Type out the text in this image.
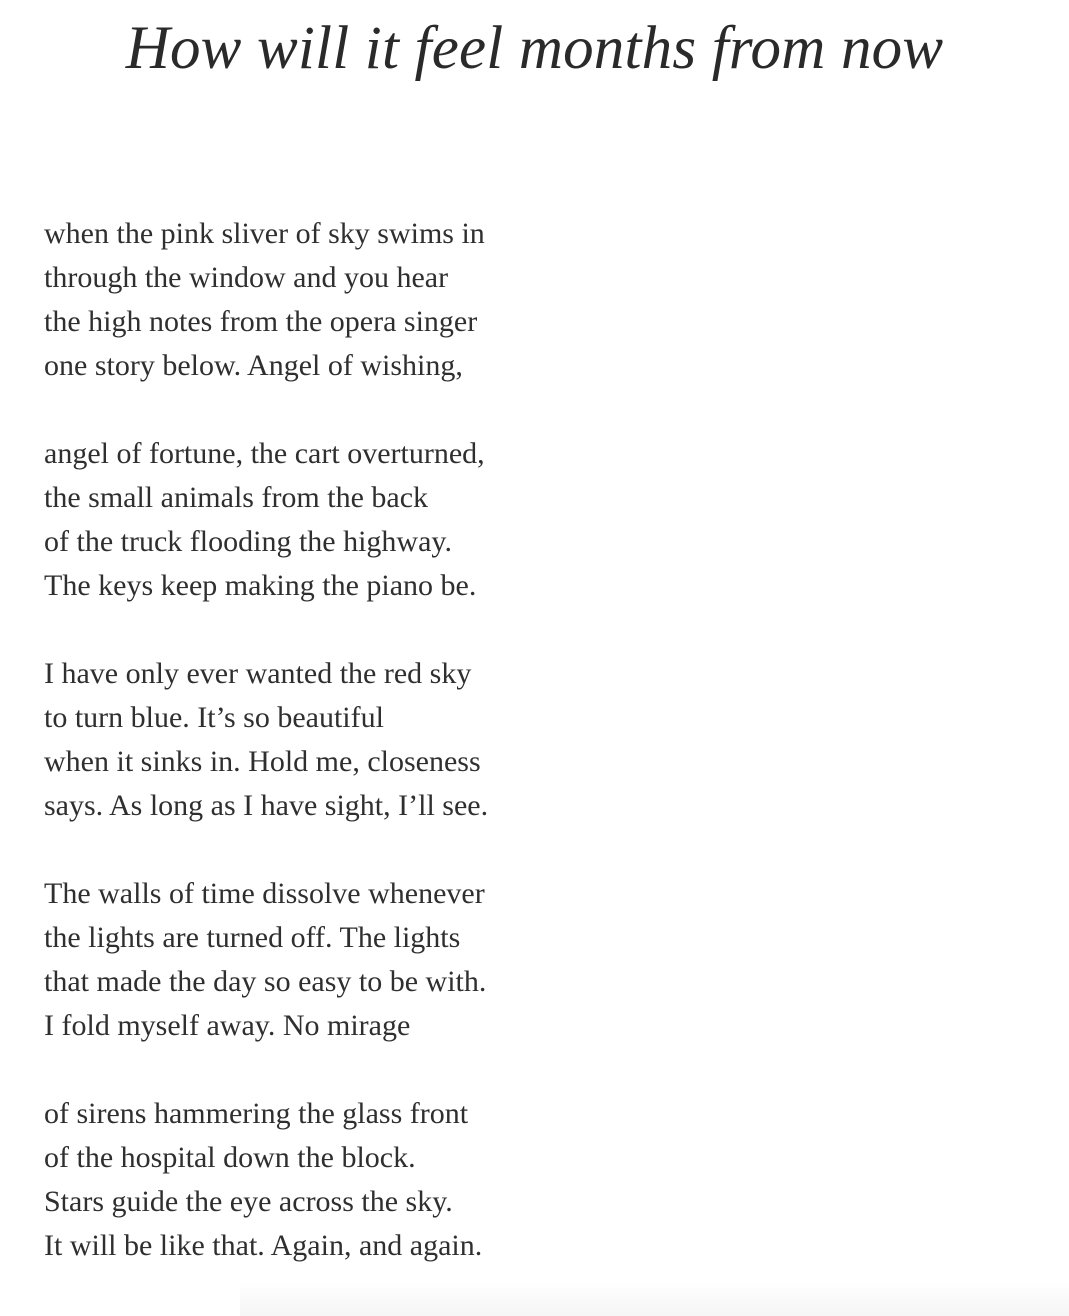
How will it feel months from now
when the pink sliver of sky swims in
through the window and you hear
the high notes from the opera singer
one story below. Angel of wishing,
angel of fortune, the cart overturned,
the small animals from the back
of the truck flooding the highway.
The keys keep making the piano be.
I have only ever wanted the red sky
to turn blue. It’s so beautiful
when it sinks in. Hold me, closeness
says. As long as I have sight, I’ll see.
The walls of time dissolve whenever
the lights are turned off. The lights
that made the day so easy to be with.
I fold myself away. No mirage
of sirens hammering the glass front
of the hospital down the block.
Stars guide the eye across the sky.
It will be like that. Again, and again.
